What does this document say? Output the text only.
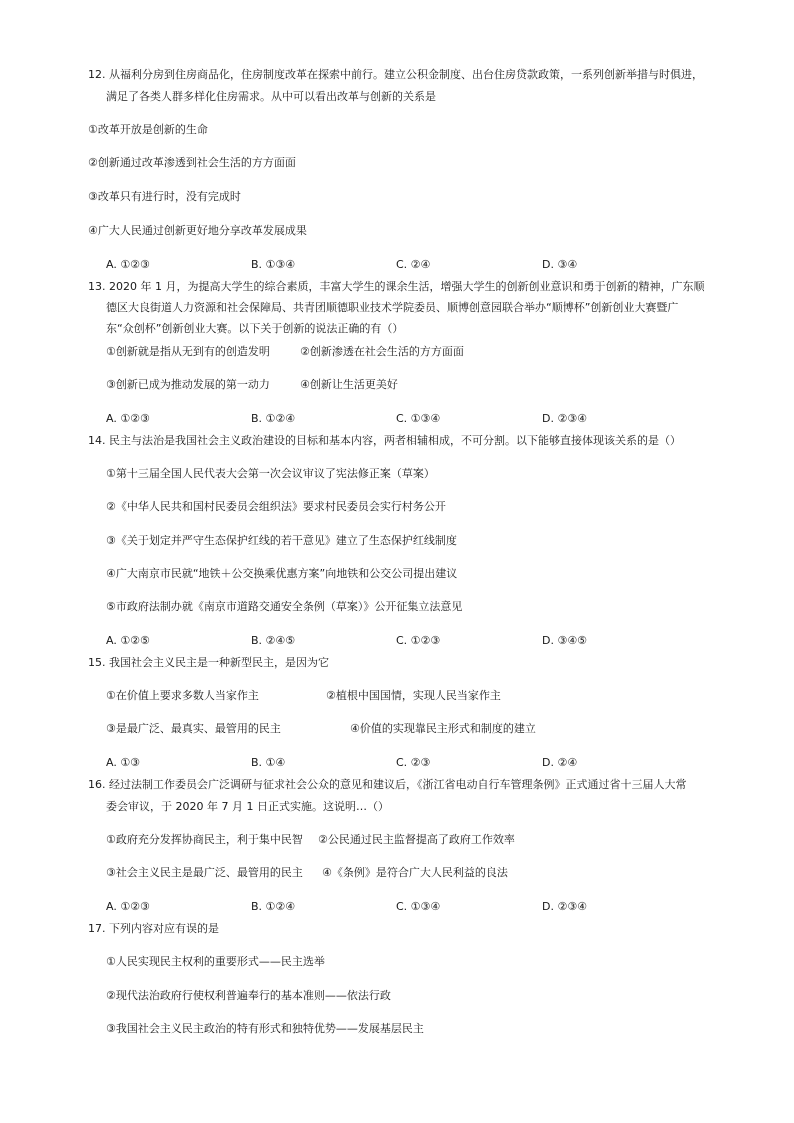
12. 从福利分房到住房商品化，住房制度改革在探索中前行。建立公积金制度、出台住房贷款政策，一系列创新举措与时俱进，
满足了各类人群多样化住房需求。从中可以看出改革与创新的关系是
①改革开放是创新的生命
②创新通过改革渗透到社会生活的方方面面
③改革只有进行时，没有完成时
④广大人民通过创新更好地分享改革发展成果
A. ①②③	B. ①③④	C. ②④	D. ③④
13. 2020 年 1 月，为提高大学生的综合素质，丰富大学生的课余生活，增强大学生的创新创业意识和勇于创新的精神，广东顺
德区大良街道人力资源和社会保障局、共青团顺德职业技术学院委员、顺博创意园联合举办“顺博杯”创新创业大赛暨广
东“众创杯”创新创业大赛。以下关于创新的说法正确的有（）
①创新就是指从无到有的创造发明	②创新渗透在社会生活的方方面面
③创新已成为推动发展的第一动力	④创新让生活更美好
A. ①②③	B. ①②④	C. ①③④	D. ②③④
14. 民主与法治是我国社会主义政治建设的目标和基本内容，两者相辅相成，不可分割。以下能够直接体现该关系的是（）
①第十三届全国人民代表大会第一次会议审议了宪法修正案（草案）
②《中华人民共和国村民委员会组织法》要求村民委员会实行村务公开
③《关于划定并严守生态保护红线的若干意见》建立了生态保护红线制度
④广大南京市民就“地铁＋公交换乘优惠方案”向地铁和公交公司提出建议
⑤市政府法制办就《南京市道路交通安全条例（草案）》公开征集立法意见
A. ①②⑤	B. ②④⑤	C. ①②③	D. ③④⑤
15. 我国社会主义民主是一种新型民主，是因为它
①在价值上要求多数人当家作主	②植根中国国情，实现人民当家作主
③是最广泛、最真实、最管用的民主	④价值的实现靠民主形式和制度的建立
A. ①③	B. ①④	C. ②③	D. ②④
16. 经过法制工作委员会广泛调研与征求社会公众的意见和建议后，《浙江省电动自行车管理条例》正式通过省十三届人大常
委会审议，于 2020 年 7 月 1 日正式实施。这说明…（）
①政府充分发挥协商民主，利于集中民智 ②公民通过民主监督提高了政府工作效率
③社会主义民主是最广泛、最管用的民主 ④《条例》是符合广大人民利益的良法
A. ①②③	B. ①②④	C. ①③④	D. ②③④
17. 下列内容对应有误的是
①人民实现民主权利的重要形式——民主选举
②现代法治政府行使权利普遍奉行的基本准则——依法行政
③我国社会主义民主政治的特有形式和独特优势——发展基层民主
